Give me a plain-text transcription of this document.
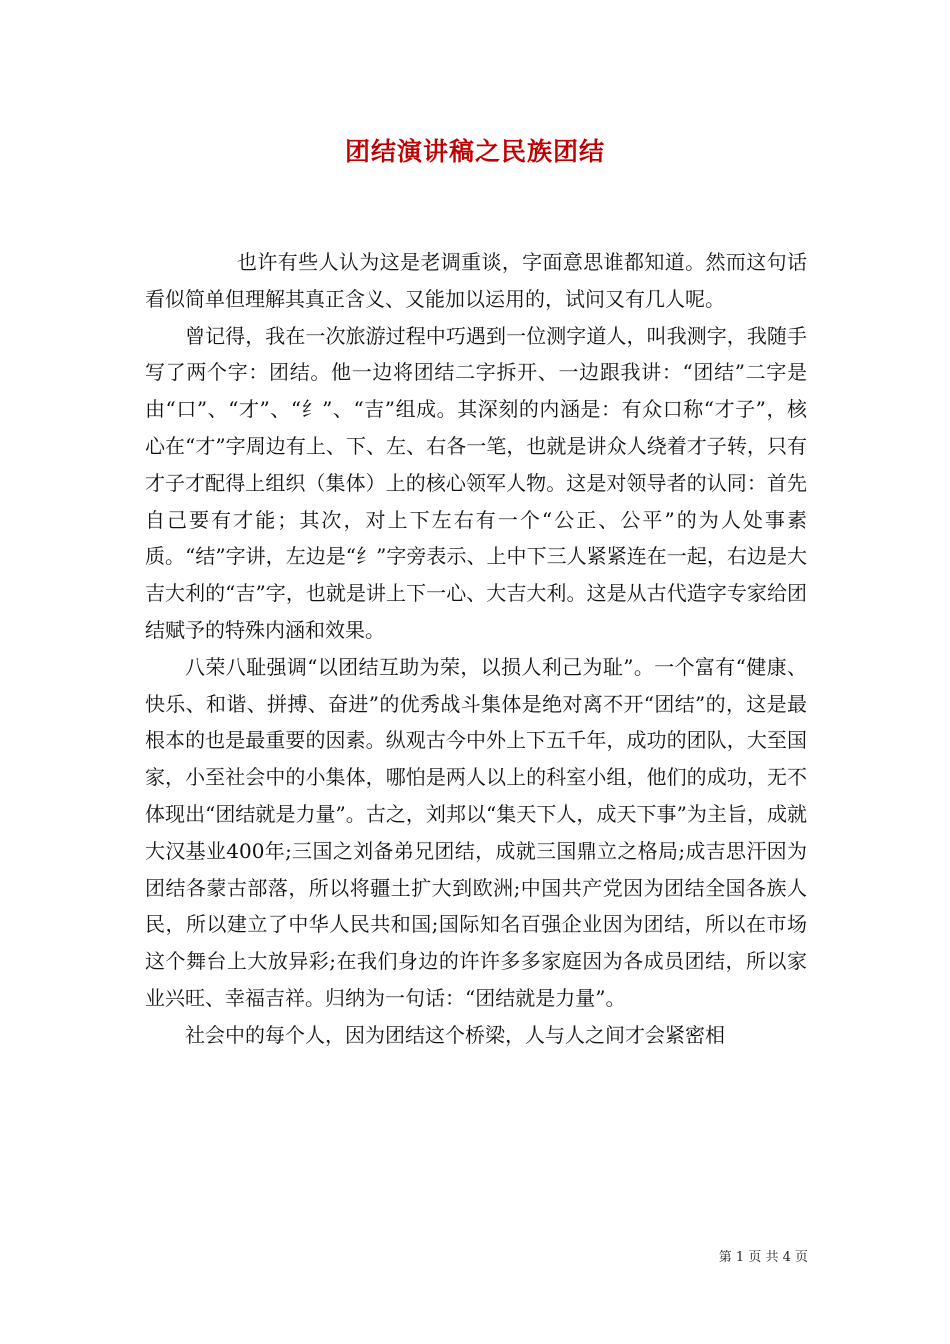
团结演讲稿之民族团结

也许有些人认为这是老调重谈，字面意思谁都知道。然而这句话看似简单但理解其真正含义、又能加以运用的，试问又有几人呢。

曾记得，我在一次旅游过程中巧遇到一位测字道人，叫我测字，我随手写了两个字：团结。他一边将团结二字拆开、一边跟我讲：“团结”二字是由“口”、“才”、“纟”、“吉”组成。其深刻的内涵是：有众口称“才子”，核心在“才”字周边有上、下、左、右各一笔，也就是讲众人绕着才子转，只有才子才配得上组织（集体）上的核心领军人物。这是对领导者的认同：首先自己要有才能；其次，对上下左右有一个“公正、公平”的为人处事素质。“结”字讲，左边是“纟”字旁表示、上中下三人紧紧连在一起，右边是大吉大利的“吉”字，也就是讲上下一心、大吉大利。这是从古代造字专家给团结赋予的特殊内涵和效果。

八荣八耻强调“以团结互助为荣，以损人利己为耻”。一个富有“健康、快乐、和谐、拼搏、奋进”的优秀战斗集体是绝对离不开“团结”的，这是最根本的也是最重要的因素。纵观古今中外上下五千年，成功的团队，大至国家，小至社会中的小集体，哪怕是两人以上的科室小组，他们的成功，无不体现出“团结就是力量”。古之，刘邦以“集天下人，成天下事”为主旨，成就大汉基业400年;三国之刘备弟兄团结，成就三国鼎立之格局;成吉思汗因为团结各蒙古部落，所以将疆土扩大到欧洲;中国共产党因为团结全国各族人民，所以建立了中华人民共和国;国际知名百强企业因为团结，所以在市场这个舞台上大放异彩;在我们身边的许许多多家庭因为各成员团结，所以家业兴旺、幸福吉祥。归纳为一句话：“团结就是力量”。

社会中的每个人，因为团结这个桥梁，人与人之间才会紧密相

第 1 页 共 4 页
